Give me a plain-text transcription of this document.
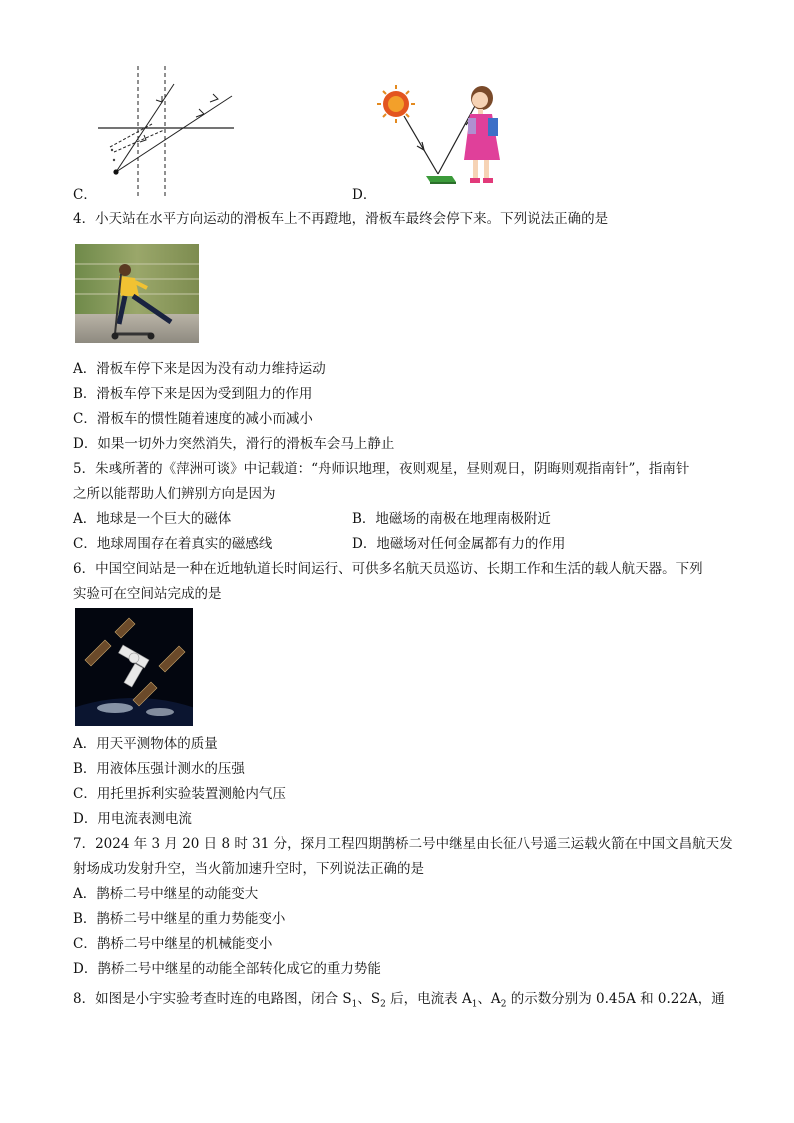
C．	D．
4．小天站在水平方向运动的滑板车上不再蹬地，滑板车最终会停下来。下列说法正确的是
A．滑板车停下来是因为没有动力维持运动
B．滑板车停下来是因为受到阻力的作用
C．滑板车的惯性随着速度的减小而减小
D．如果一切外力突然消失，滑行的滑板车会马上静止
5．朱彧所著的《萍洲可谈》中记载道：“舟师识地理，夜则观星，昼则观日，阴晦则观指南针”，指南针
之所以能帮助人们辨别方向是因为
A．地球是一个巨大的磁体	B．地磁场的南极在地理南极附近
C．地球周围存在着真实的磁感线	D．地磁场对任何金属都有力的作用
6．中国空间站是一种在近地轨道长时间运行、可供多名航天员巡访、长期工作和生活的载人航天器。下列
实验可在空间站完成的是
A．用天平测物体的质量
B．用液体压强计测水的压强
C．用托里拆利实验装置测舱内气压
D．用电流表测电流
7．2024 年 3 月 20 日 8 时 31 分，探月工程四期鹊桥二号中继星由长征八号遥三运载火箭在中国文昌航天发
射场成功发射升空，当火箭加速升空时，下列说法正确的是
A．鹊桥二号中继星的动能变大
B．鹊桥二号中继星的重力势能变小
C．鹊桥二号中继星的机械能变小
D．鹊桥二号中继星的动能全部转化成它的重力势能
8．如图是小宇实验考查时连的电路图，闭合 $S_1$、$S_2$ 后，电流表 $A_1$、$A_2$ 的示数分别为 0.45A 和 0.22A，通
